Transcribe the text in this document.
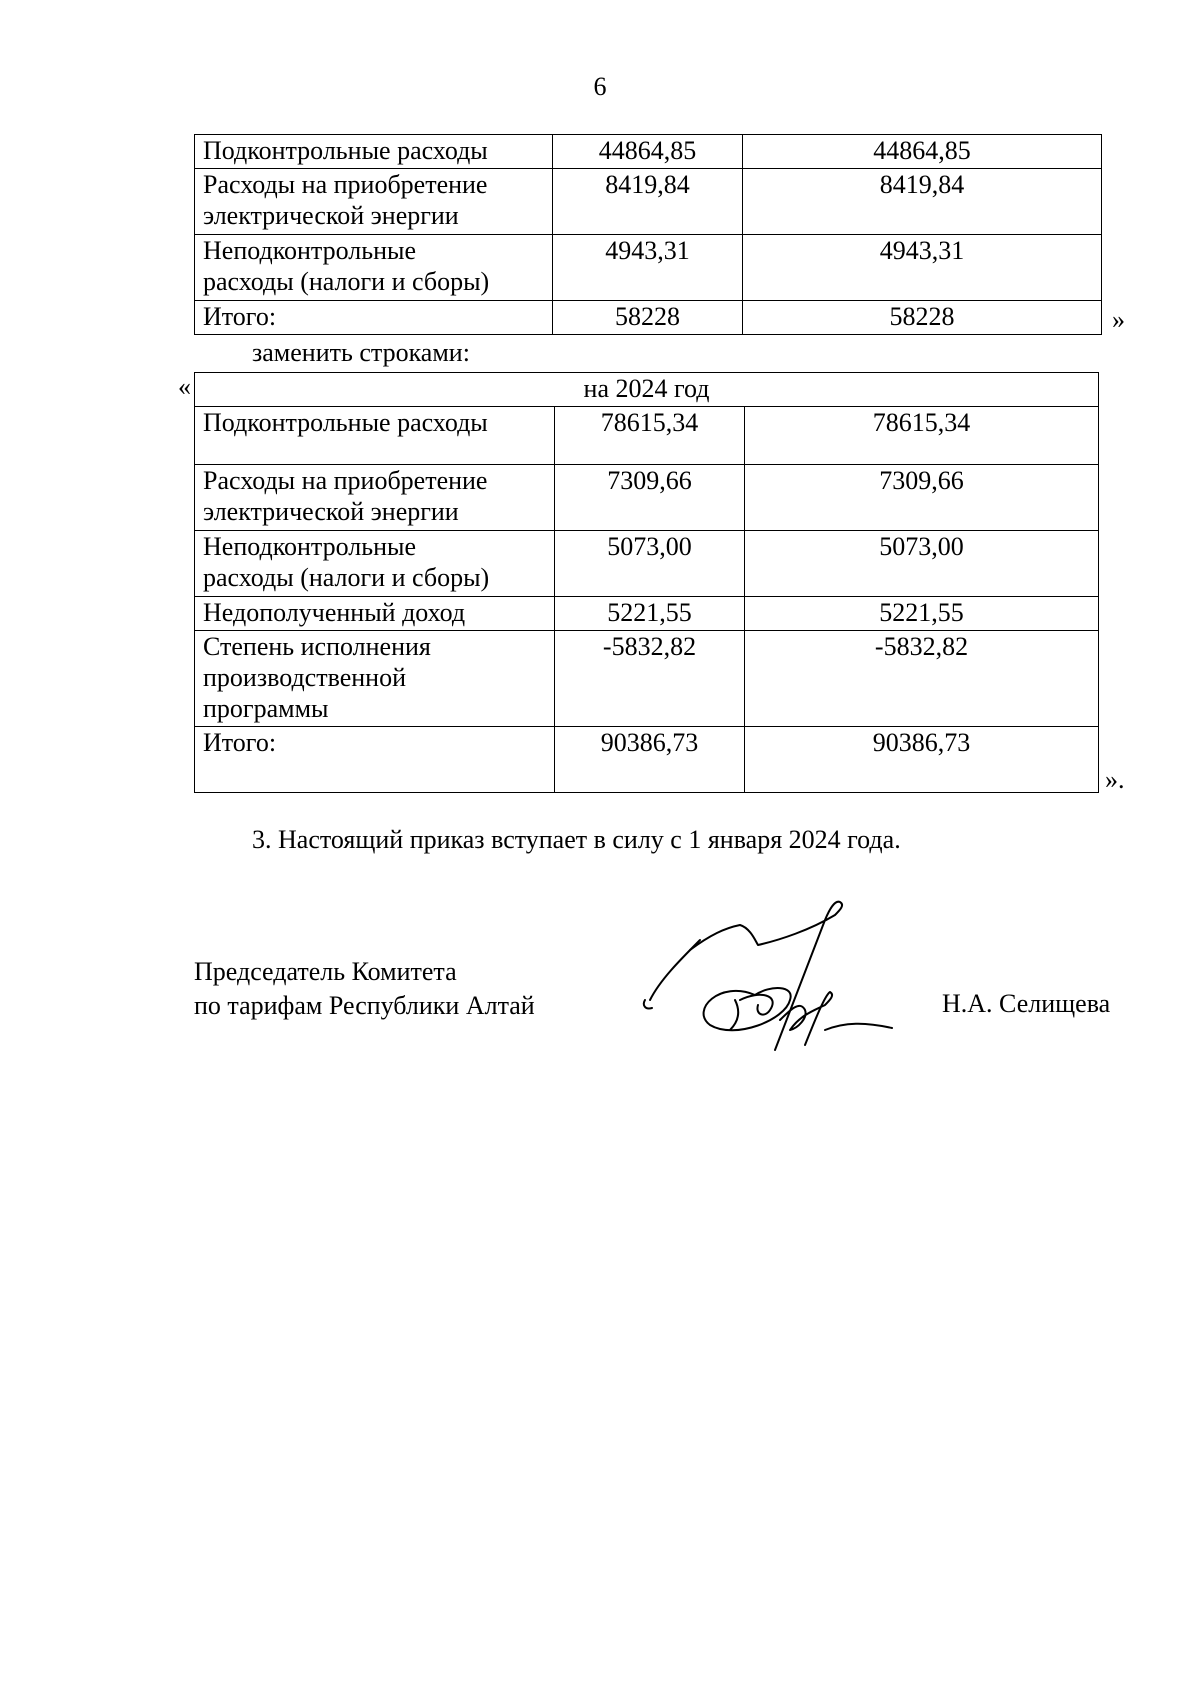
6
Подконтрольные расходы	44864,85	44864,85

Расходы на приобретение
электрической энергии	8419,84	8419,84

Неподконтрольные
расходы (налоги и сборы)	4943,31	4943,31
Итого:	58228	58228	»
заменить строками:
«	на 2024 год		
Подконтрольные расходы	78615,34	78615,34

Расходы на приобретение
электрической энергии	7309,66	7309,66

Неподконтрольные
расходы (налоги и сборы)	5073,00	5073,00
Недополученный доход	5221,55	5221,55

Степень исполнения
производственной
программы	-5832,82	-5832,82
Итого:	90386,73	90386,73
».
3. Настоящий приказ вступает в силу с 1 января 2024 года.
Председатель Комитета
по тарифам Республики Алтай	Н.А. Селищева
